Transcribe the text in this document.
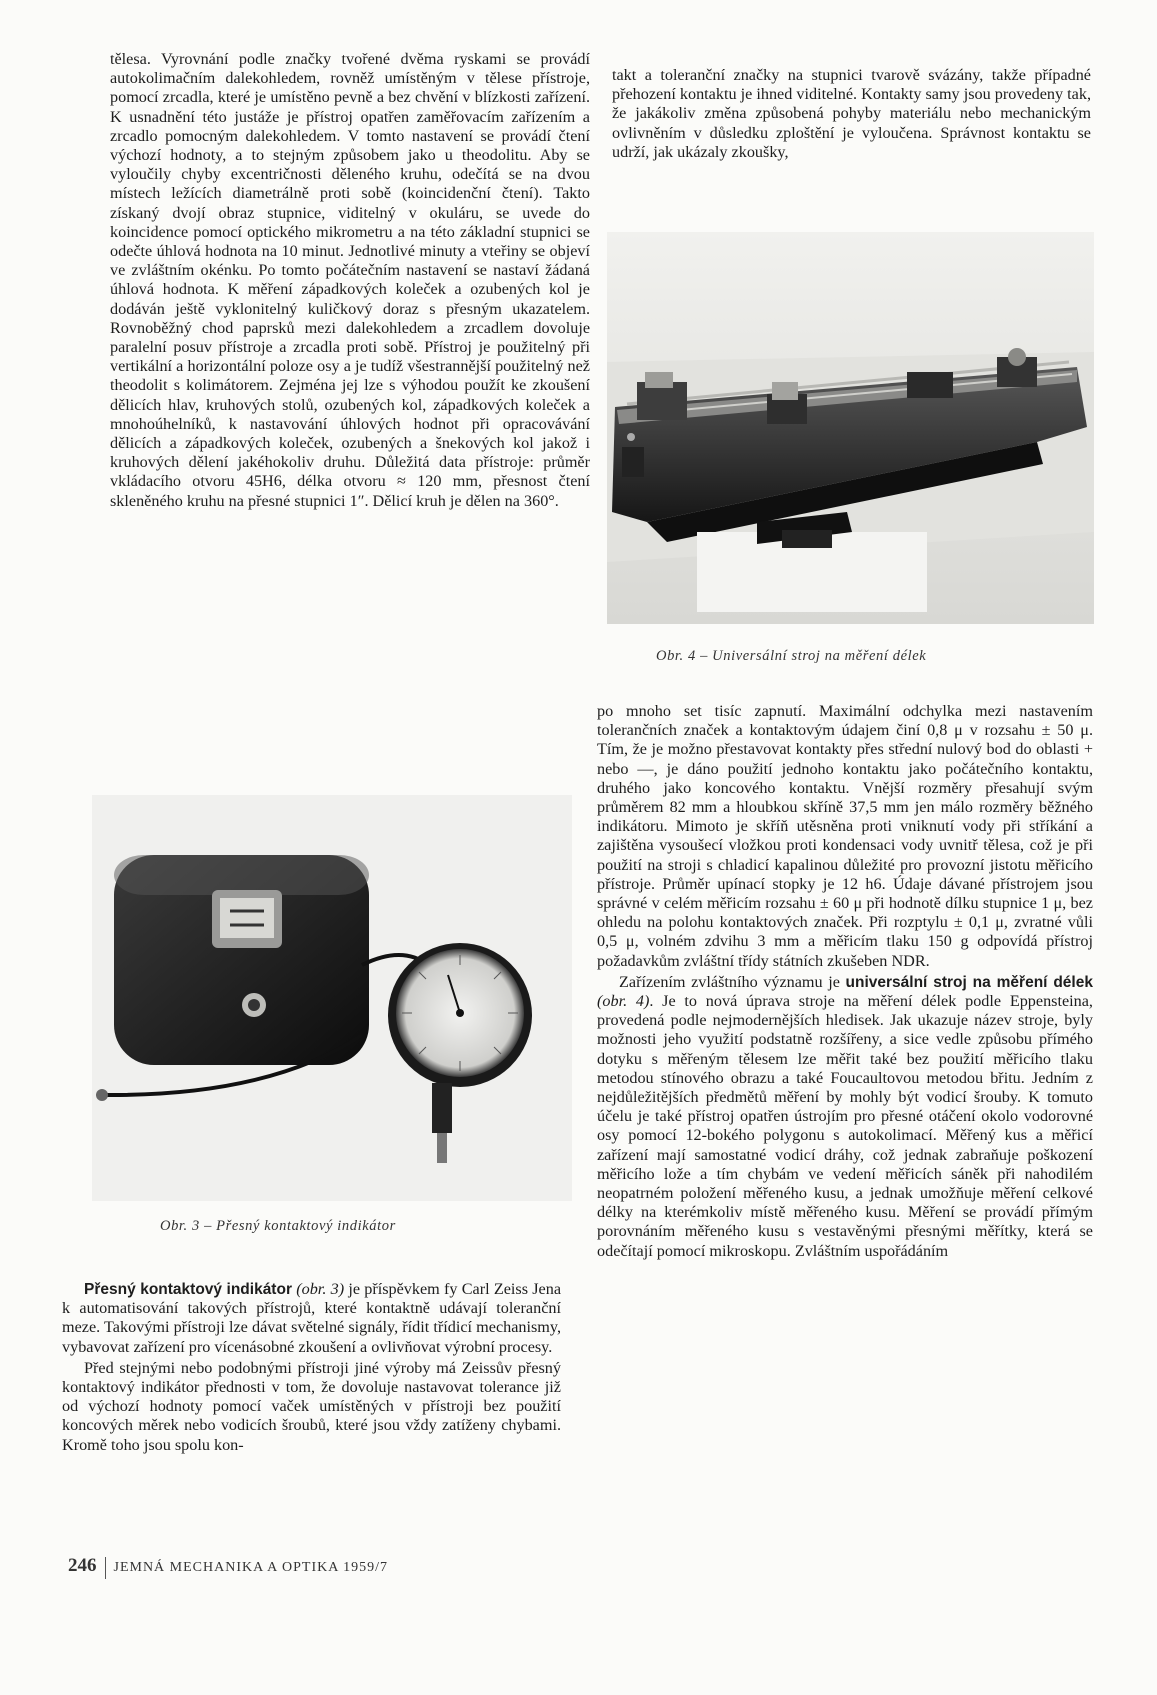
tělesa. Vyrovnání podle značky tvořené dvěma ryskami se provádí autokolimačním dalekohledem, rovněž umístěným v tělese přístroje, pomocí zrcadla, které je umístěno pevně a bez chvění v blízkosti zařízení. K usnadnění této justáže je přístroj opatřen zaměřovacím zařízením a zrcadlo pomocným dalekohledem. V tomto nastavení se provádí čtení výchozí hodnoty, a to stejným způsobem jako u theodolitu. Aby se vyloučily chyby excentričnosti děleného kruhu, odečítá se na dvou místech ležících diametrálně proti sobě (koincidenční čtení). Takto získaný dvojí obraz stupnice, viditelný v okuláru, se uvede do koincidence pomocí optického mikrometru a na této základní stupnici se odečte úhlová hodnota na 10 minut. Jednotlivé minuty a vteřiny se objeví ve zvláštním okénku. Po tomto počátečním nastavení se nastaví žádaná úhlová hodnota. K měření západkových koleček a ozubených kol je dodáván ještě vyklonitelný kuličkový doraz s přesným ukazatelem. Rovnoběžný chod paprsků mezi dalekohledem a zrcadlem dovoluje paralelní posuv přístroje a zrcadla proti sobě. Přístroj je použitelný při vertikální a horizontální poloze osy a je tudíž všestrannější použitelný než theodolit s kolimátorem. Zejména jej lze s výhodou použít ke zkoušení dělicích hlav, kruhových stolů, ozubených kol, západkových koleček a mnohoúhelníků, k nastavování úhlových hodnot při opracovávání dělicích a západkových koleček, ozubených a šnekových kol jakož i kruhových dělení jakéhokoliv druhu. Důležitá data přístroje: průměr vkládacího otvoru 45H6, délka otvoru ≈ 120 mm, přesnost čtení skleněného kruhu na přesné stupnici 1″. Dělicí kruh je dělen na 360°.

Obr. 4 – Universální stroj na měření délek

takt a toleranční značky na stupnici tvarově svázány, takže případné přehození kontaktu je ihned viditelné. Kontakty samy jsou provedeny tak, že jakákoliv změna způsobená pohyby materiálu nebo mechanickým ovlivněním v důsledku zploštění je vyloučena. Správnost kontaktu se udrží, jak ukázaly zkoušky,

Obr. 3 – Přesný kontaktový indikátor

Přesný kontaktový indikátor (obr. 3) je příspěvkem fy Carl Zeiss Jena k automatisování takových přístrojů, které kontaktně udávají toleranční meze. Takovými přístroji lze dávat světelné signály, řídit třídicí mechanismy, vybavovat zařízení pro vícenásobné zkoušení a ovlivňovat výrobní procesy.

Před stejnými nebo podobnými přístroji jiné výroby má Zeissův přesný kontaktový indikátor přednosti v tom, že dovoluje nastavovat tolerance již od výchozí hodnoty pomocí vaček umístěných v přístroji bez použití koncových měrek nebo vodicích šroubů, které jsou vždy zatíženy chybami. Kromě toho jsou spolu kon-

po mnoho set tisíc zapnutí. Maximální odchylka mezi nastavením tolerančních značek a kontaktovým údajem činí 0,8 μ v rozsahu ± 50 μ. Tím, že je možno přestavovat kontakty přes střední nulový bod do oblasti + nebo —, je dáno použití jednoho kontaktu jako počátečního kontaktu, druhého jako koncového kontaktu. Vnější rozměry přesahují svým průměrem 82 mm a hloubkou skříně 37,5 mm jen málo rozměry běžného indikátoru. Mimoto je skříň utěsněna proti vniknutí vody při stříkání a zajištěna vysoušecí vložkou proti kondensaci vody uvnitř tělesa, což je při použití na stroji s chladicí kapalinou důležité pro provozní jistotu měřicího přístroje. Průměr upínací stopky je 12 h6. Údaje dávané přístrojem jsou správné v celém měřicím rozsahu ± 60 μ při hodnotě dílku stupnice 1 μ, bez ohledu na polohu kontaktových značek. Při rozptylu ± 0,1 μ, zvratné vůli 0,5 μ, volném zdvihu 3 mm a měřicím tlaku 150 g odpovídá přístroj požadavkům zvláštní třídy státních zkušeben NDR.

Zařízením zvláštního významu je universální stroj na měření délek (obr. 4). Je to nová úprava stroje na měření délek podle Eppensteina, provedená podle nejmodernějších hledisek. Jak ukazuje název stroje, byly možnosti jeho využití podstatně rozšířeny, a sice vedle způsobu přímého dotyku s měřeným tělesem lze měřit také bez použití měřicího tlaku metodou stínového obrazu a také Foucaultovou metodou břitu. Jedním z nejdůležitějších předmětů měření by mohly být vodicí šrouby. K tomuto účelu je také přístroj opatřen ústrojím pro přesné otáčení okolo vodorovné osy pomocí 12-bokého polygonu s autokolimací. Měřený kus a měřicí zařízení mají samostatné vodicí dráhy, což jednak zabraňuje poškození měřicího lože a tím chybám ve vedení měřicích sáněk při nahodilém neopatrném položení měřeného kusu, a jednak umožňuje měření celkové délky na kterémkoliv místě měřeného kusu. Měření se provádí přímým porovnáním měřeného kusu s vestavěnými přesnými měřítky, která se odečítají pomocí mikroskopu. Zvláštním uspořádáním

246 JEMNÁ MECHANIKA A OPTIKA 1959/7
